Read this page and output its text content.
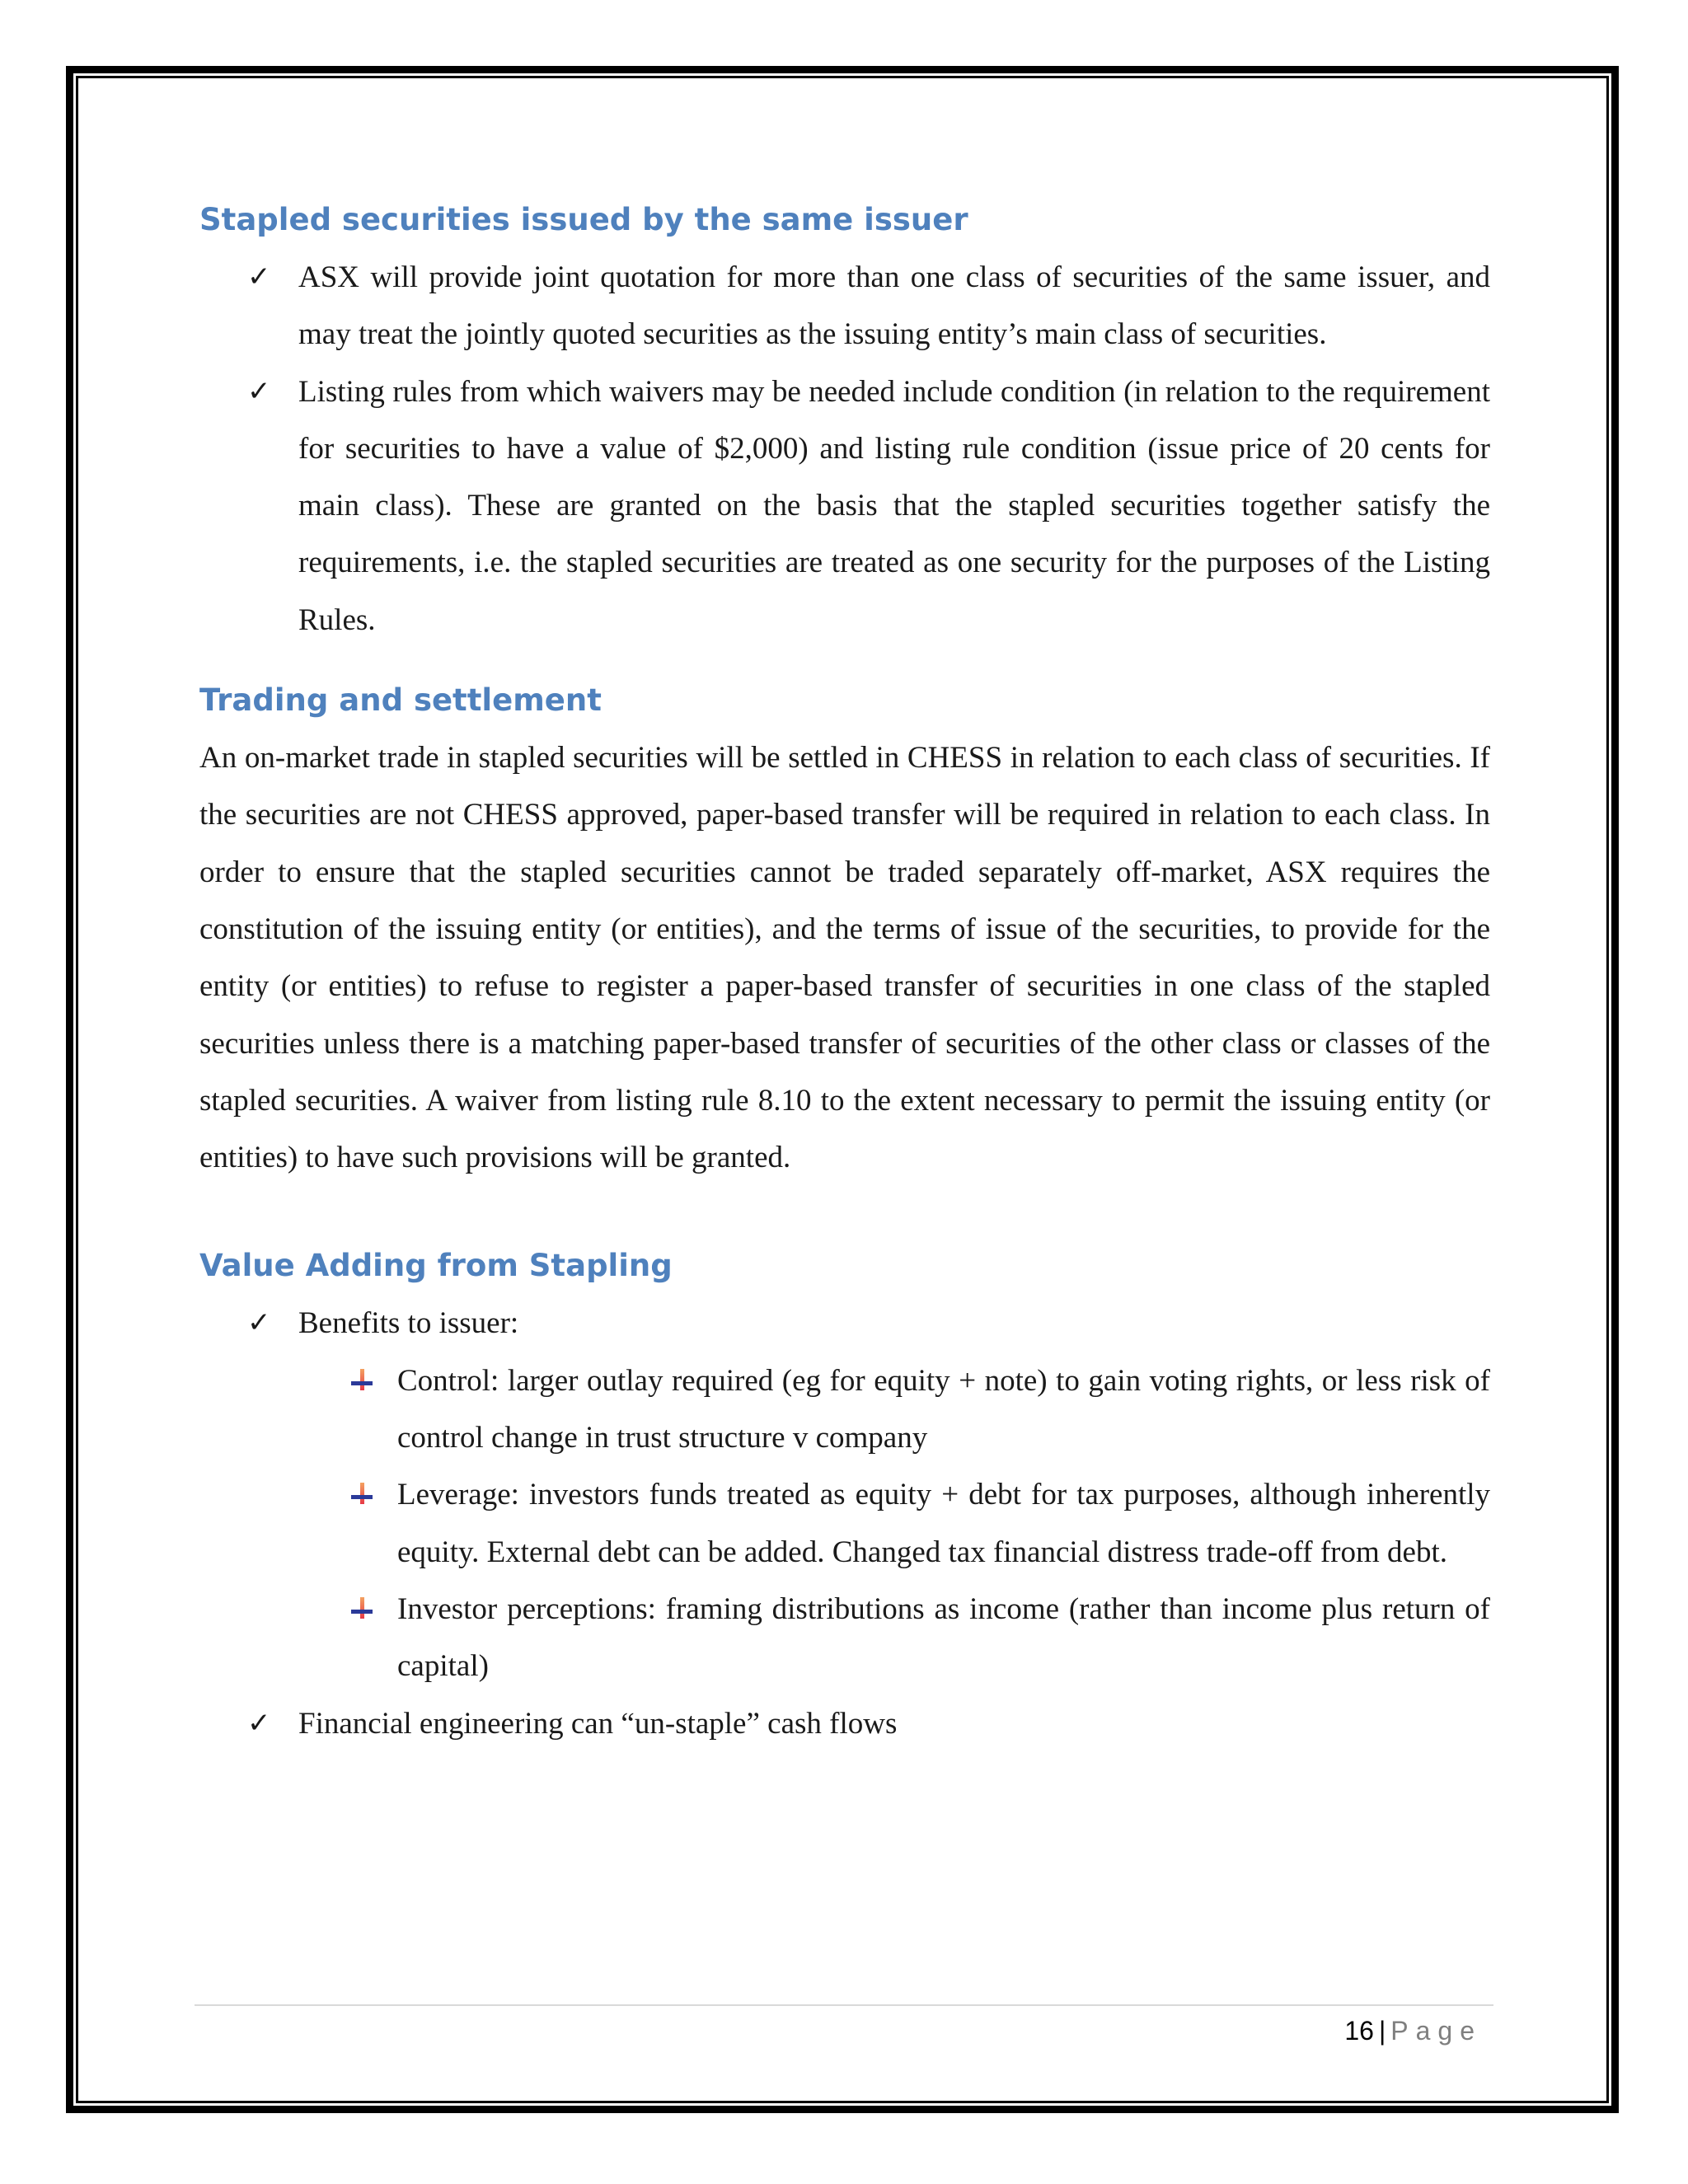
Stapled securities issued by the same issuer
✓ ASX will provide joint quotation for more than one class of securities of the same issuer, and may treat the jointly quoted securities as the issuing entity’s main class of securities.
✓ Listing rules from which waivers may be needed include condition (in relation to the requirement for securities to have a value of $2,000) and listing rule condition (issue price of 20 cents for main class). These are granted on the basis that the stapled securities together satisfy the requirements, i.e. the stapled securities are treated as one security for the purposes of the Listing Rules.
Trading and settlement

An on-market trade in stapled securities will be settled in CHESS in relation to each class of securities. If the securities are not CHESS approved, paper-based transfer will be required in relation to each class. In order to ensure that the stapled securities cannot be traded separately off-market, ASX requires the constitution of the issuing entity (or entities), and the terms of issue of the securities, to provide for the entity (or entities) to refuse to register a paper-based transfer of securities in one class of the stapled securities unless there is a matching paper-based transfer of securities of the other class or classes of the stapled securities. A waiver from listing rule 8.10 to the extent necessary to permit the issuing entity (or entities) to have such provisions will be granted.

Value Adding from Stapling
✓ Benefits to issuer:
Control: larger outlay required (eg for equity + note) to gain voting rights, or less risk of control change in trust structure v company
Leverage: investors funds treated as equity + debt for tax purposes, although inherently equity. External debt can be added. Changed tax financial distress trade-off from debt.
Investor perceptions: framing distributions as income (rather than income plus return of capital)
✓ Financial engineering can “un-staple” cash flows
16 | Page
